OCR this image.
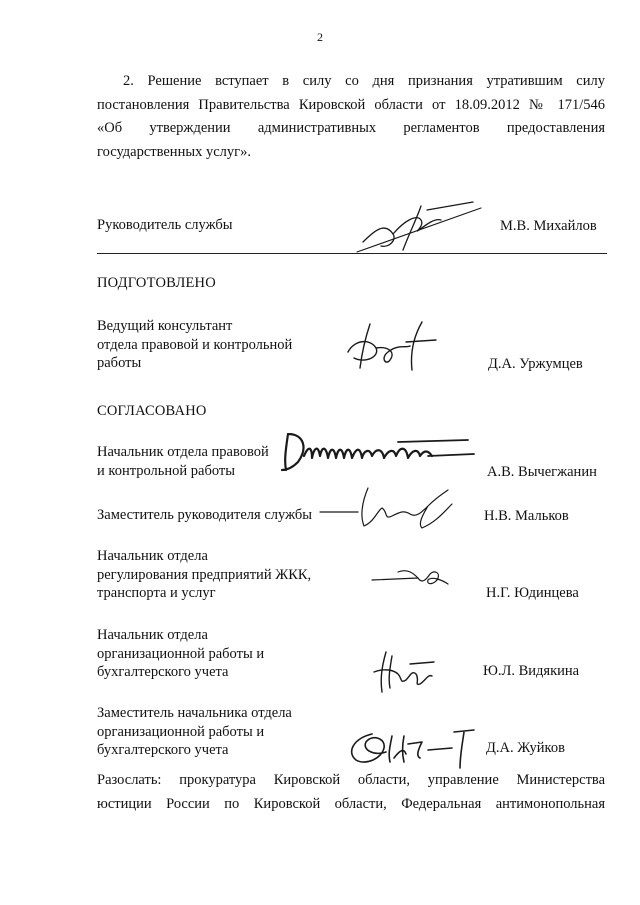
2
2. Решение вступает в силу со дня признания утратившим силу
постановления Правительства Кировской области от 18.09.2012 № 171/546
«Об утверждении административных регламентов предоставления
государственных услуг».
Руководитель службы	М.В. Михайлов
ПОДГОТОВЛЕНО
Ведущий консультант
отдела правовой и контрольной
работы	Д.А. Уржумцев
СОГЛАСОВАНО
Начальник отдела правовой
и контрольной работы	А.В. Вычегжанин
Заместитель руководителя службы	Н.В. Мальков
Начальник отдела
регулирования предприятий ЖКК,
транспорта и услуг	Н.Г. Юдинцева
Начальник отдела
организационной работы и
бухгалтерского учета	Ю.Л. Видякина
Заместитель начальника отдела
организационной работы и
бухгалтерского учета	Д.А. Жуйков
Разослать: прокуратура Кировской области, управление Министерства
юстиции России по Кировской области, Федеральная антимонопольная
